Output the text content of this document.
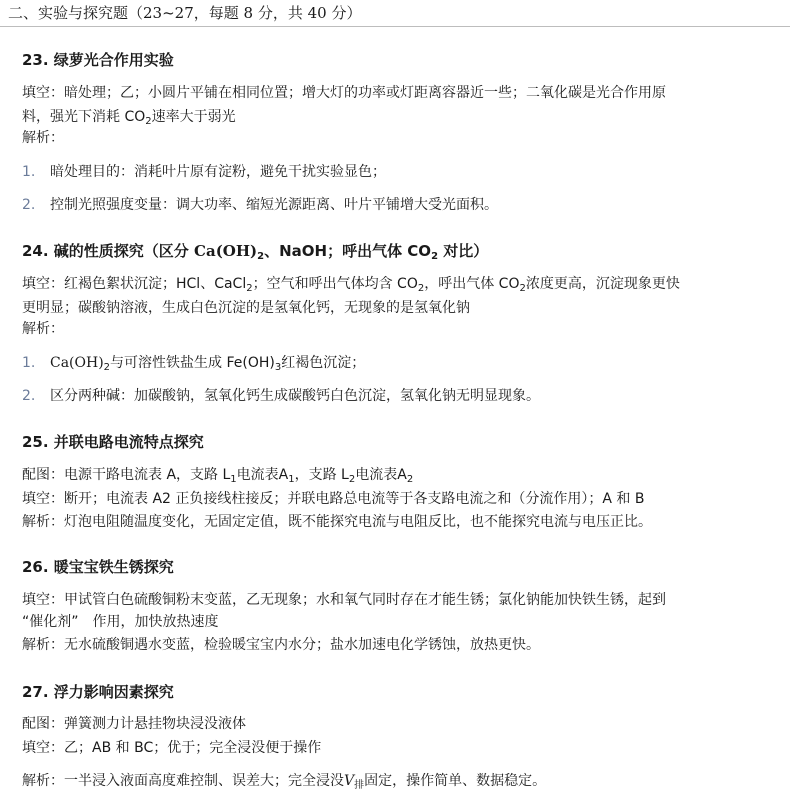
二、实验与探究题（23~27，每题 8 分，共 40 分）
23. 绿萝光合作用实验
填空：暗处理；乙；小圆片平铺在相同位置；增大灯的功率或灯距离容器近一些；二氧化碳是光合作用原
料，强光下消耗 $CO_2$速率大于弱光
解析：
1. 暗处理目的：消耗叶片原有淀粉，避免干扰实验显色；
2. 控制光照强度变量：调大功率、缩短光源距离、叶片平铺增大受光面积。
24. 碱的性质探究（区分 $Ca(OH)_2$、NaOH；呼出气体 $CO_2$ 对比）
填空：红褐色絮状沉淀；HCl、CaCl$_2$；空气和呼出气体均含 $CO_2$，呼出气体 $CO_2$浓度更高，沉淀现象更快
更明显；碳酸钠溶液，生成白色沉淀的是氢氧化钙，无现象的是氢氧化钠
解析：
1. $Ca(OH)_2$与可溶性铁盐生成 $Fe(OH)_3$红褐色沉淀；
2. 区分两种碱：加碳酸钠，氢氧化钙生成碳酸钙白色沉淀，氢氧化钠无明显现象。
25. 并联电路电流特点探究
配图：电源干路电流表 A，支路 $L_1$电流表$A_1$，支路 $L_2$电流表$A_2$
填空：断开；电流表 A2 正负接线柱接反；并联电路总电流等于各支路电流之和（分流作用）；A 和 B
解析：灯泡电阻随温度变化，无固定定值，既不能探究电流与电阻反比，也不能探究电流与电压正比。
26. 暖宝宝铁生锈探究
填空：甲试管白色硫酸铜粉末变蓝，乙无现象；水和氧气同时存在才能生锈；氯化钠能加快铁生锈，起到
“催化剂”　作用，加快放热速度
解析：无水硫酸铜遇水变蓝，检验暖宝宝内水分；盐水加速电化学锈蚀，放热更快。
27. 浮力影响因素探究
配图：弹簧测力计悬挂物块浸没液体
填空：乙；AB 和 BC；优于；完全浸没便于操作
解析：一半浸入液面高度难控制、误差大；完全浸没$V_排$固定，操作简单、数据稳定。
